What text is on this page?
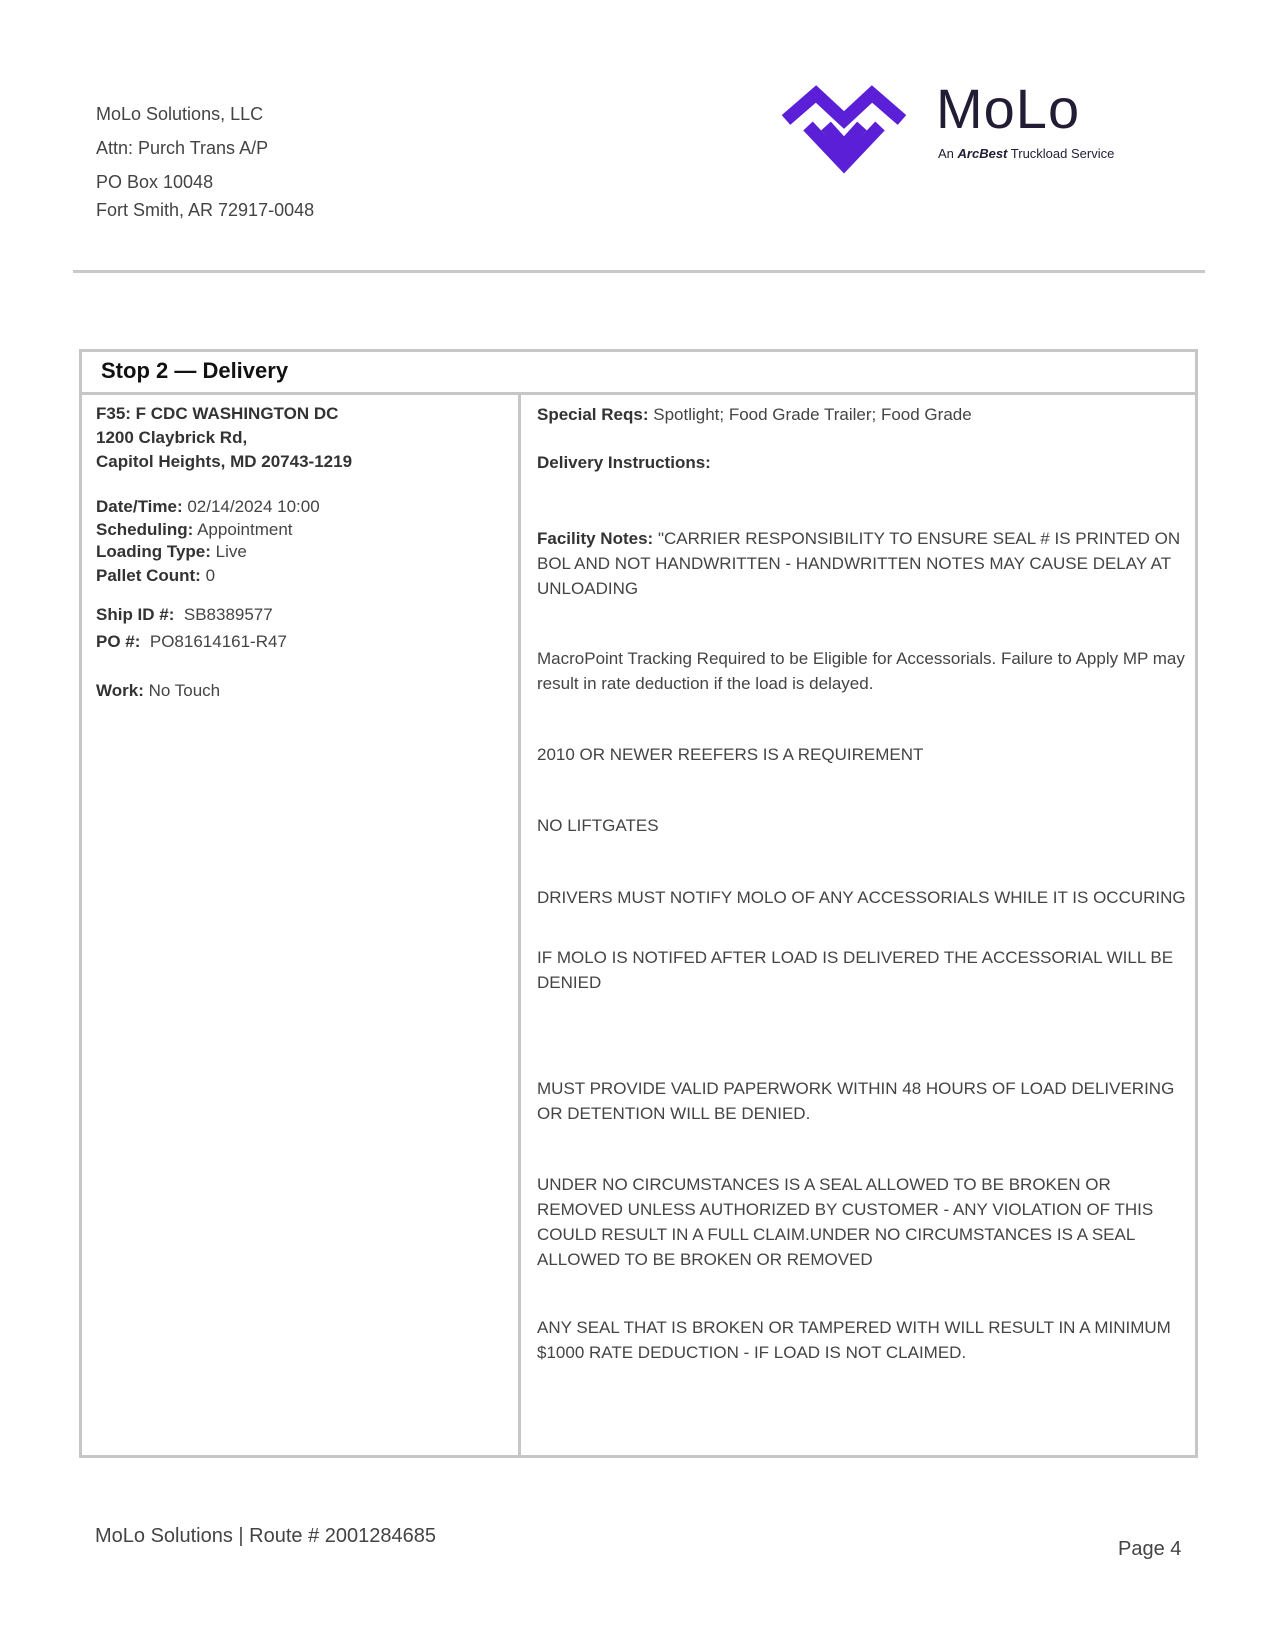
MoLo Solutions, LLC
Attn: Purch Trans A/P
PO Box 10048
Fort Smith, AR 72917-0048
MoLo
An ArcBest Truckload Service
Stop 2 — Delivery
F35: F CDC WASHINGTON DC
1200 Claybrick Rd,
Capitol Heights, MD 20743-1219
Date/Time: 02/14/2024 10:00
Scheduling: Appointment
Loading Type: Live
Pallet Count: 0
Ship ID #: SB8389577
PO #: PO81614161-R47
Work: No Touch
Special Reqs: Spotlight; Food Grade Trailer; Food Grade
Delivery Instructions:
Facility Notes: "CARRIER RESPONSIBILITY TO ENSURE SEAL # IS PRINTED ON BOL AND NOT HANDWRITTEN - HANDWRITTEN NOTES MAY CAUSE DELAY AT UNLOADING
MacroPoint Tracking Required to be Eligible for Accessorials. Failure to Apply MP may result in rate deduction if the load is delayed.
2010 OR NEWER REEFERS IS A REQUIREMENT
NO LIFTGATES
DRIVERS MUST NOTIFY MOLO OF ANY ACCESSORIALS WHILE IT IS OCCURING
IF MOLO IS NOTIFED AFTER LOAD IS DELIVERED THE ACCESSORIAL WILL BE DENIED
MUST PROVIDE VALID PAPERWORK WITHIN 48 HOURS OF LOAD DELIVERING OR DETENTION WILL BE DENIED.
UNDER NO CIRCUMSTANCES IS A SEAL ALLOWED TO BE BROKEN OR REMOVED UNLESS AUTHORIZED BY CUSTOMER - ANY VIOLATION OF THIS COULD RESULT IN A FULL CLAIM.UNDER NO CIRCUMSTANCES IS A SEAL ALLOWED TO BE BROKEN OR REMOVED
ANY SEAL THAT IS BROKEN OR TAMPERED WITH WILL RESULT IN A MINIMUM $1000 RATE DEDUCTION - IF LOAD IS NOT CLAIMED.
MoLo Solutions | Route # 2001284685
Page 4
